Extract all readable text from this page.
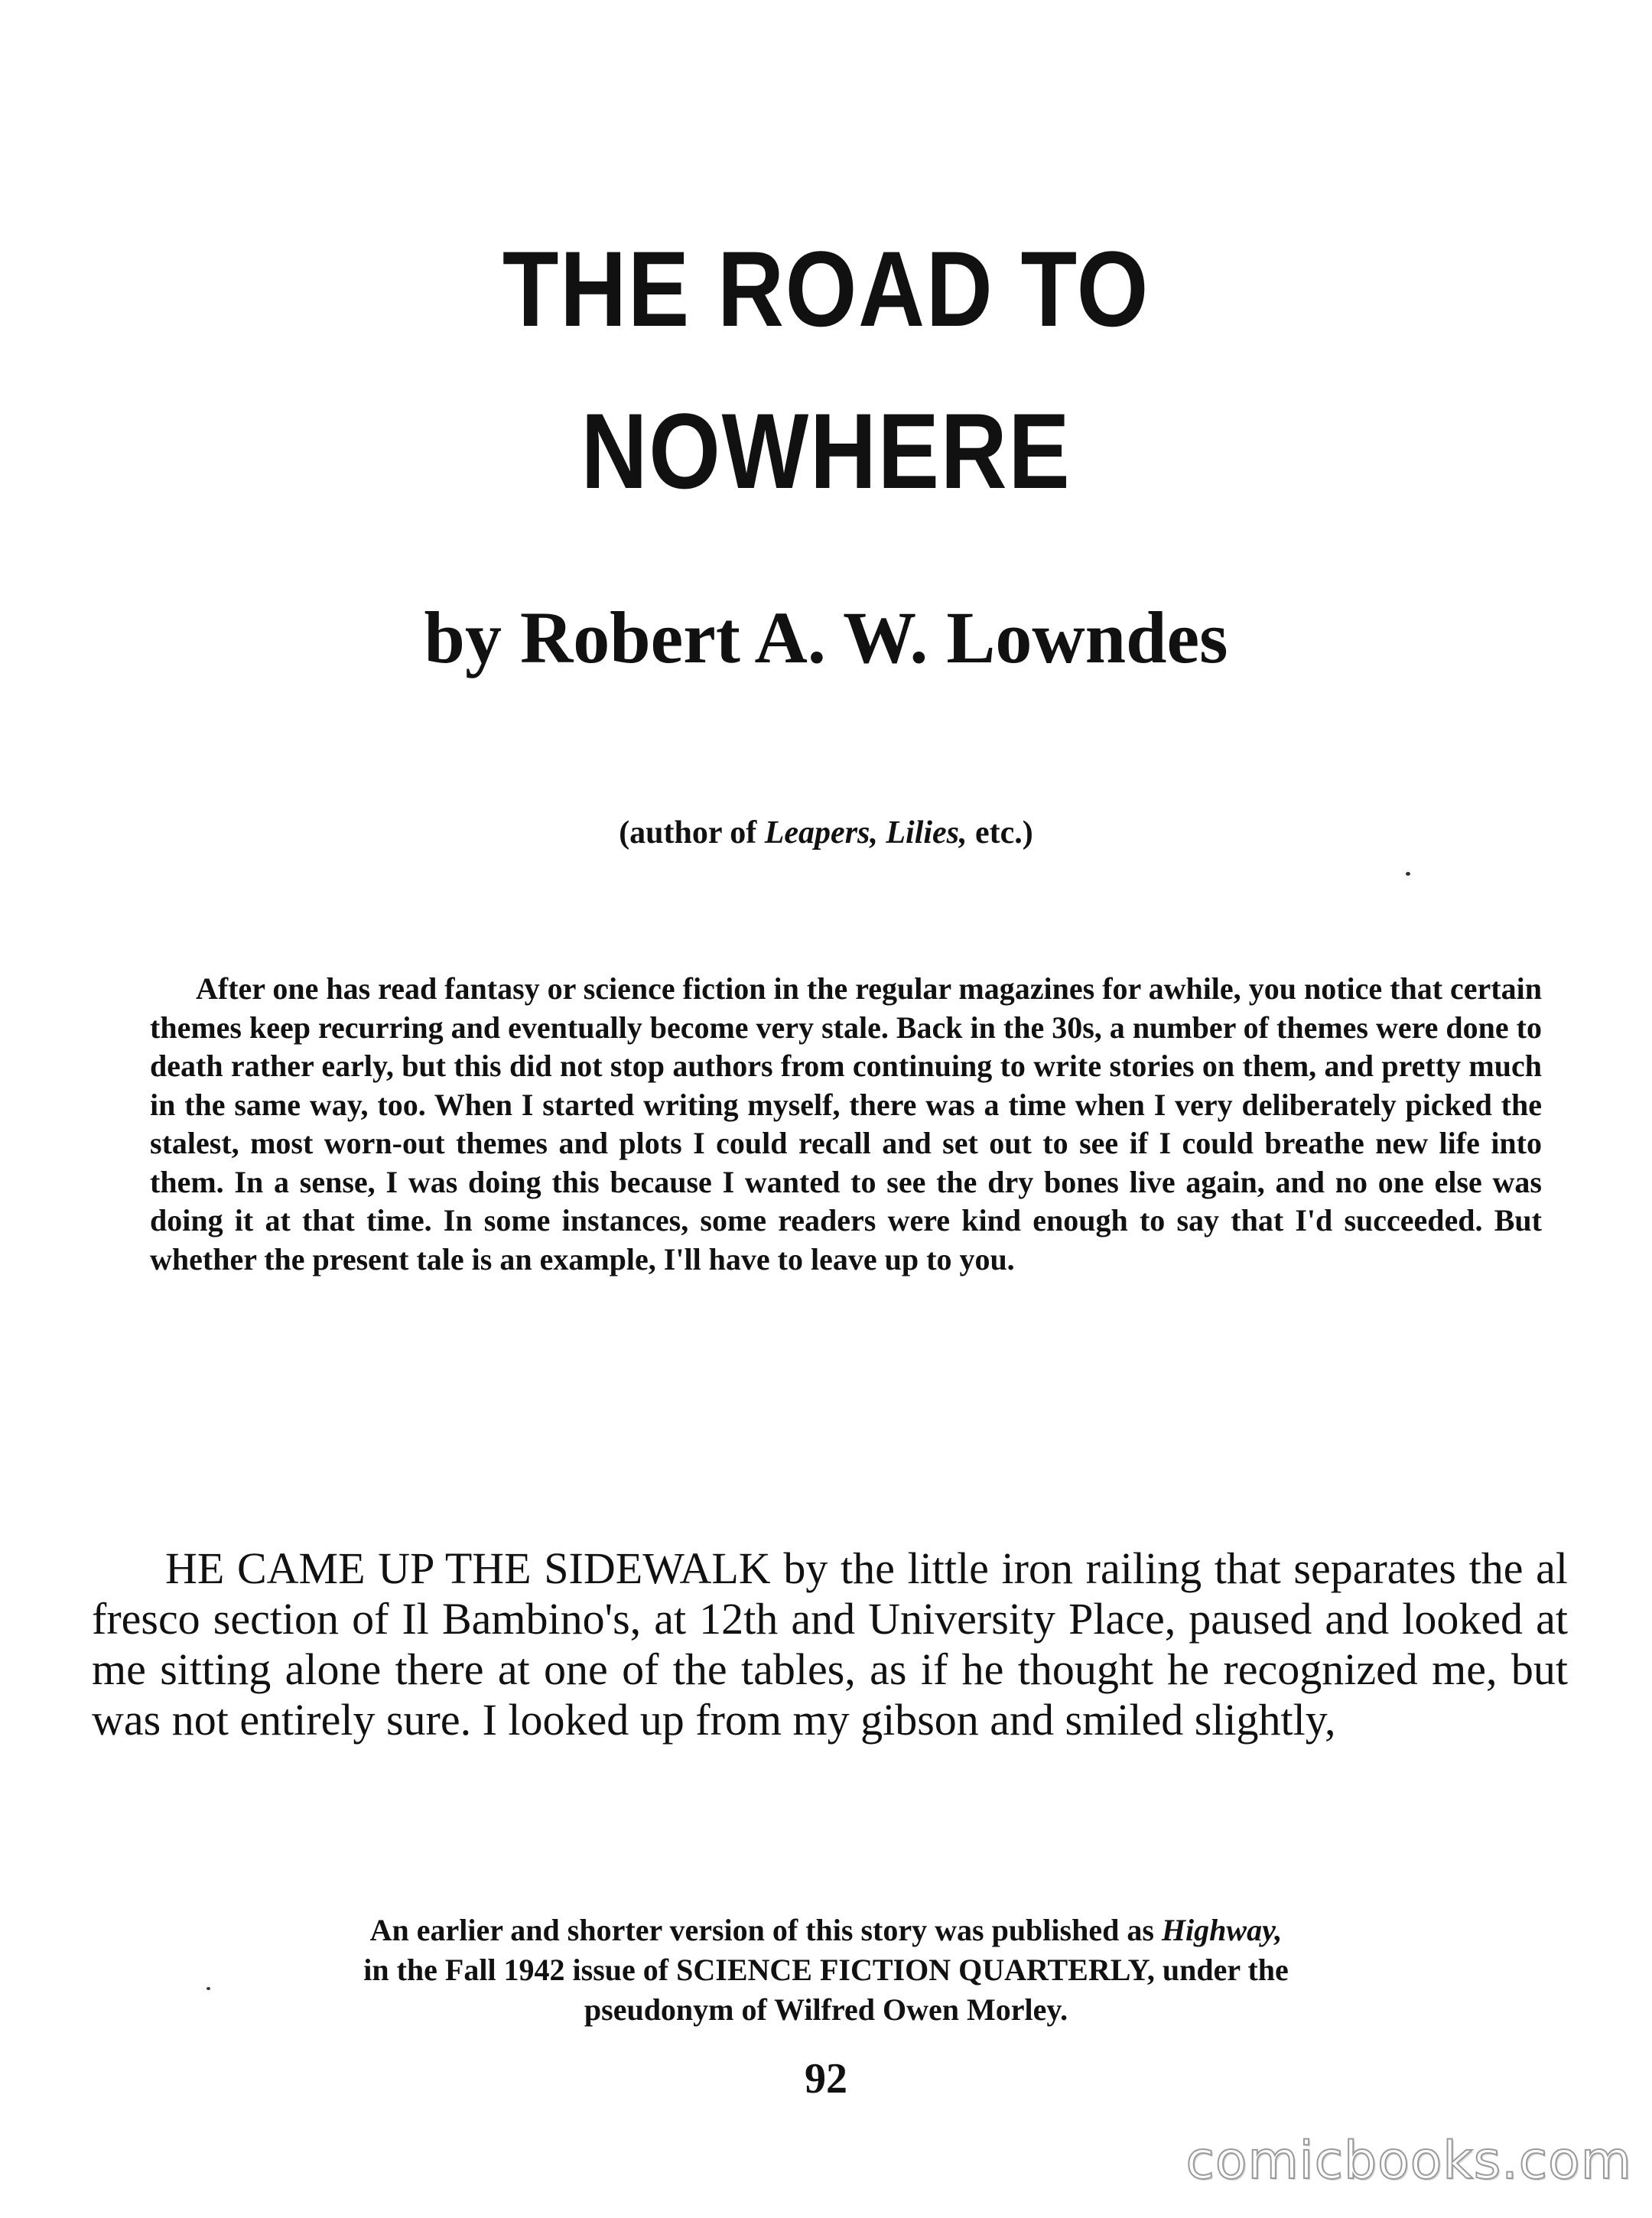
THE ROAD TO
NOWHERE
by Robert A. W. Lowndes
(author of Leapers, Lilies, etc.)

After one has read fantasy or science fiction in the regular magazines for awhile, you notice that certain themes keep recurring and eventually become very stale. Back in the 30s, a number of themes were done to death rather early, but this did not stop authors from continuing to write stories on them, and pretty much in the same way, too. When I started writing myself, there was a time when I very deliberately picked the stalest, most worn-out themes and plots I could recall and set out to see if I could breathe new life into them. In a sense, I was doing this because I wanted to see the dry bones live again, and no one else was doing it at that time. In some instances, some readers were kind enough to say that I'd succeeded. But whether the present tale is an example, I'll have to leave up to you.

HE CAME UP THE SIDEWALK by the little iron railing that separates the al fresco section of Il Bambino's, at 12th and University Place, paused and looked at me sitting alone there at one of the tables, as if he thought he recognized me, but was not entirely sure. I looked up from my gibson and smiled slightly,

An earlier and shorter version of this story was published as Highway,
in the Fall 1942 issue of SCIENCE FICTION QUARTERLY, under the
pseudonym of Wilfred Owen Morley.
92
comicbooks.com
